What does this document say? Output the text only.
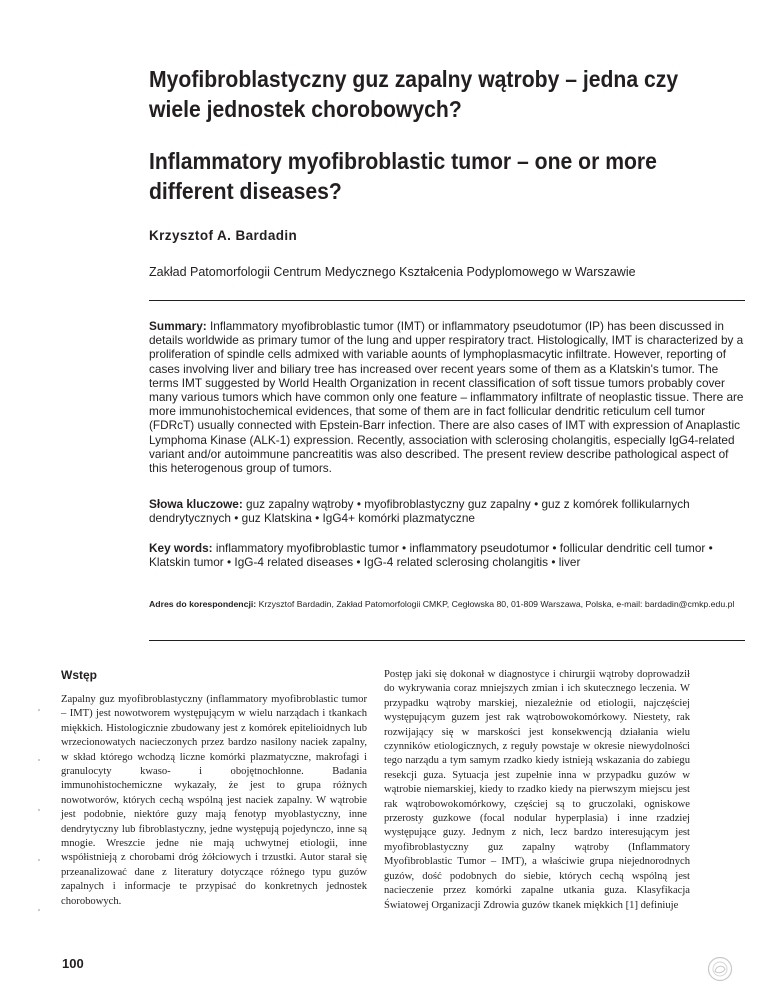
Myofibroblastyczny guz zapalny wątroby – jedna czy wiele jednostek chorobowych?
Inflammatory myofibroblastic tumor – one or more different diseases?
Krzysztof A. Bardadin
Zakład Patomorfologii Centrum Medycznego Kształcenia Podyplomowego w Warszawie

Summary: Inflammatory myofibroblastic tumor (IMT) or inflammatory pseudotumor (IP) has been discussed in details worldwide as primary tumor of the lung and upper respiratory tract. Histologically, IMT is characterized by a proliferation of spindle cells admixed with variable aounts of lymphoplasmacytic infiltrate. However, reporting of cases involving liver and biliary tree has increased over recent years some of them as a Klatskin's tumor. The terms IMT suggested by World Health Organization in recent classification of soft tissue tumors probably cover many various tumors which have common only one feature – inflammatory infiltrate of neoplastic tissue. There are more immunohistochemical evidences, that some of them are in fact follicular dendritic reticulum cell tumor (FDRcT) usually connected with Epstein-Barr infection. There are also cases of IMT with expression of Anaplastic Lymphoma Kinase (ALK-1) expression. Recently, association with sclerosing cholangitis, especially IgG4-related variant and/or autoimmune pancreatitis was also described. The present review describe pathological aspect of this heterogenous group of tumors.

Słowa kluczowe: guz zapalny wątroby • myofibroblastyczny guz zapalny • guz z komórek follikularnych dendrytycznych • guz Klatskina • IgG4+ komórki plazmatyczne

Key words: inflammatory myofibroblastic tumor • inflammatory pseudotumor • follicular dendritic cell tumor • Klatskin tumor • IgG-4 related diseases • IgG-4 related sclerosing cholangitis • liver

Adres do korespondencji: Krzysztof Bardadin, Zakład Patomorfologii CMKP, Cegłowska 80, 01-809 Warszawa, Polska, e-mail: bardadin@cmkp.edu.pl

Wstęp
Zapalny guz myofibroblastyczny (inflammatory myofibroblastic tumor – IMT) jest nowotworem występującym w wielu narządach i tkankach miękkich. Histologicznie zbudowany jest z komórek epitelioidnych lub wrzecionowatych nacieczonych przez bardzo nasilony naciek zapalny, w skład którego wchodzą liczne komórki plazmatyczne, makrofagi i granulocyty kwaso- i obojętnochłonne. Badania immunohistochemiczne wykazały, że jest to grupa różnych nowotworów, których cechą wspólną jest naciek zapalny. W wątrobie jest podobnie, niektóre guzy mają fenotyp myoblastyczny, inne dendrytyczny lub fibroblastyczny, jedne występują pojedynczo, inne są mnogie. Wreszcie jedne nie mają uchwytnej etiologii, inne współistnieją z chorobami dróg żółciowych i trzustki. Autor starał się przeanalizować dane z literatury dotyczące różnego typu guzów zapalnych i informacje te przypisać do konkretnych jednostek chorobowych.
Postęp jaki się dokonał w diagnostyce i chirurgii wątroby doprowadził do wykrywania coraz mniejszych zmian i ich skutecznego leczenia. W przypadku wątroby marskiej, niezależnie od etiologii, najczęściej występującym guzem jest rak wątrobowokomórkowy. Niestety, rak rozwijający się w marskości jest konsekwencją działania wielu czynników etiologicznych, z reguły powstaje w okresie niewydolności tego narządu a tym samym rzadko kiedy istnieją wskazania do zabiegu resekcji guza. Sytuacja jest zupełnie inna w przypadku guzów w wątrobie niemarskiej, kiedy to rzadko kiedy na pierwszym miejscu jest rak wątrobowokomórkowy, częściej są to gruczolaki, ogniskowe przerosty guzkowe (focal nodular hyperplasia) i inne rzadziej występujące guzy. Jednym z nich, lecz bardzo interesującym jest myofibroblastyczny guz zapalny wątroby (Inflammatory Myofibroblastic Tumor – IMT), a właściwie grupa niejednorodnych guzów, dość podobnych do siebie, których cechą wspólną jest nacieczenie przez komórki zapalne utkania guza. Klasyfikacja Światowej Organizacji Zdrowia guzów tkanek miękkich [1] definiuje
100
